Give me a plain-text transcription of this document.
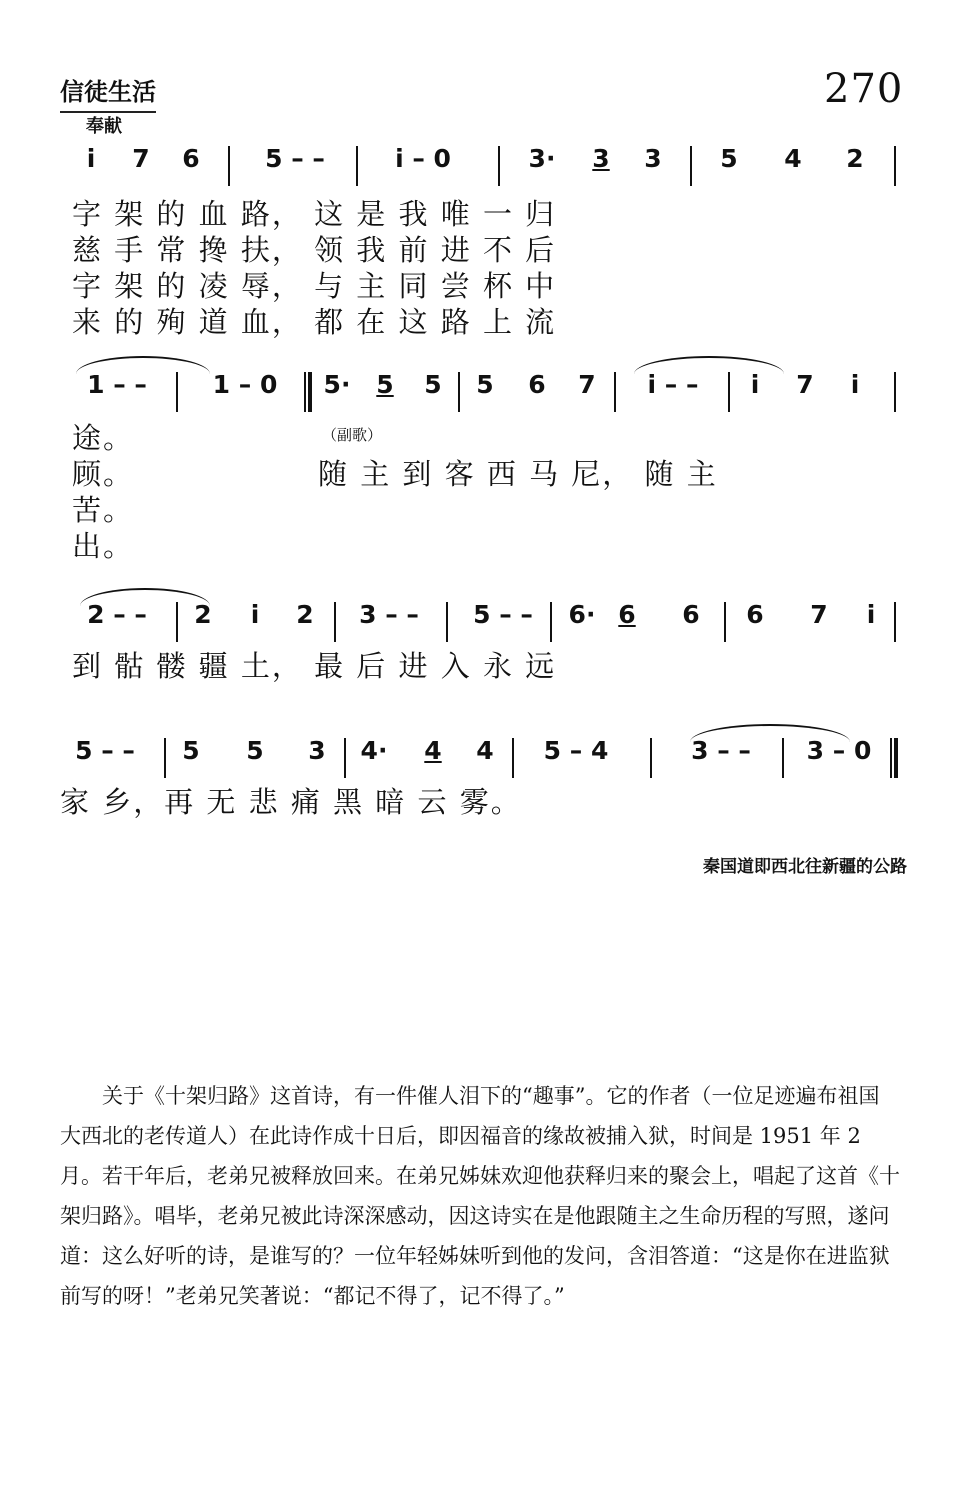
信徒生活
奉献
270
i	7 6	5 – –	i – 0	3· 3 3 5 4 2
字 架 的 血 路， 这 是 我 唯 一 归
慈 手 常 搀 扶， 领 我 前 进 不 后
字 架 的 凌 辱， 与 主 同 尝 杯 中
来 的 殉 道 血， 都 在 这 路 上 流
1 – –	1 – 0	5· 5 5 5 6 7	i – –	i	7	i
（副歌）
途。
顾。
苦。
出。
随 主 到 客 西 马 尼， 随 主
2 – –	2	i	2	3 – –	5 – –	6· 6 6 6 7	i
到 骷 髅 疆 土， 最 后 进 入 永 远
5 – –	5 5 3 4· 4 4	5 – 4	3 – –	3 – 0
家 乡，再 无 悲 痛 黑 暗 云 雾。
秦国道即西北往新疆的公路

关于《十架归路》这首诗，有一件催人泪下的“趣事”。它的作者（一位足迹遍布祖国大西北的老传道人）在此诗作成十日后，即因福音的缘故被捕入狱，时间是 1951 年 2 月。若干年后，老弟兄被释放回来。在弟兄姊妹欢迎他获释归来的聚会上，唱起了这首《十架归路》。唱毕，老弟兄被此诗深深感动，因这诗实在是他跟随主之生命历程的写照，遂问道：这么好听的诗，是谁写的？一位年轻姊妹听到他的发问，含泪答道：“这是你在进监狱前写的呀！”老弟兄笑著说：“都记不得了，记不得了。”
